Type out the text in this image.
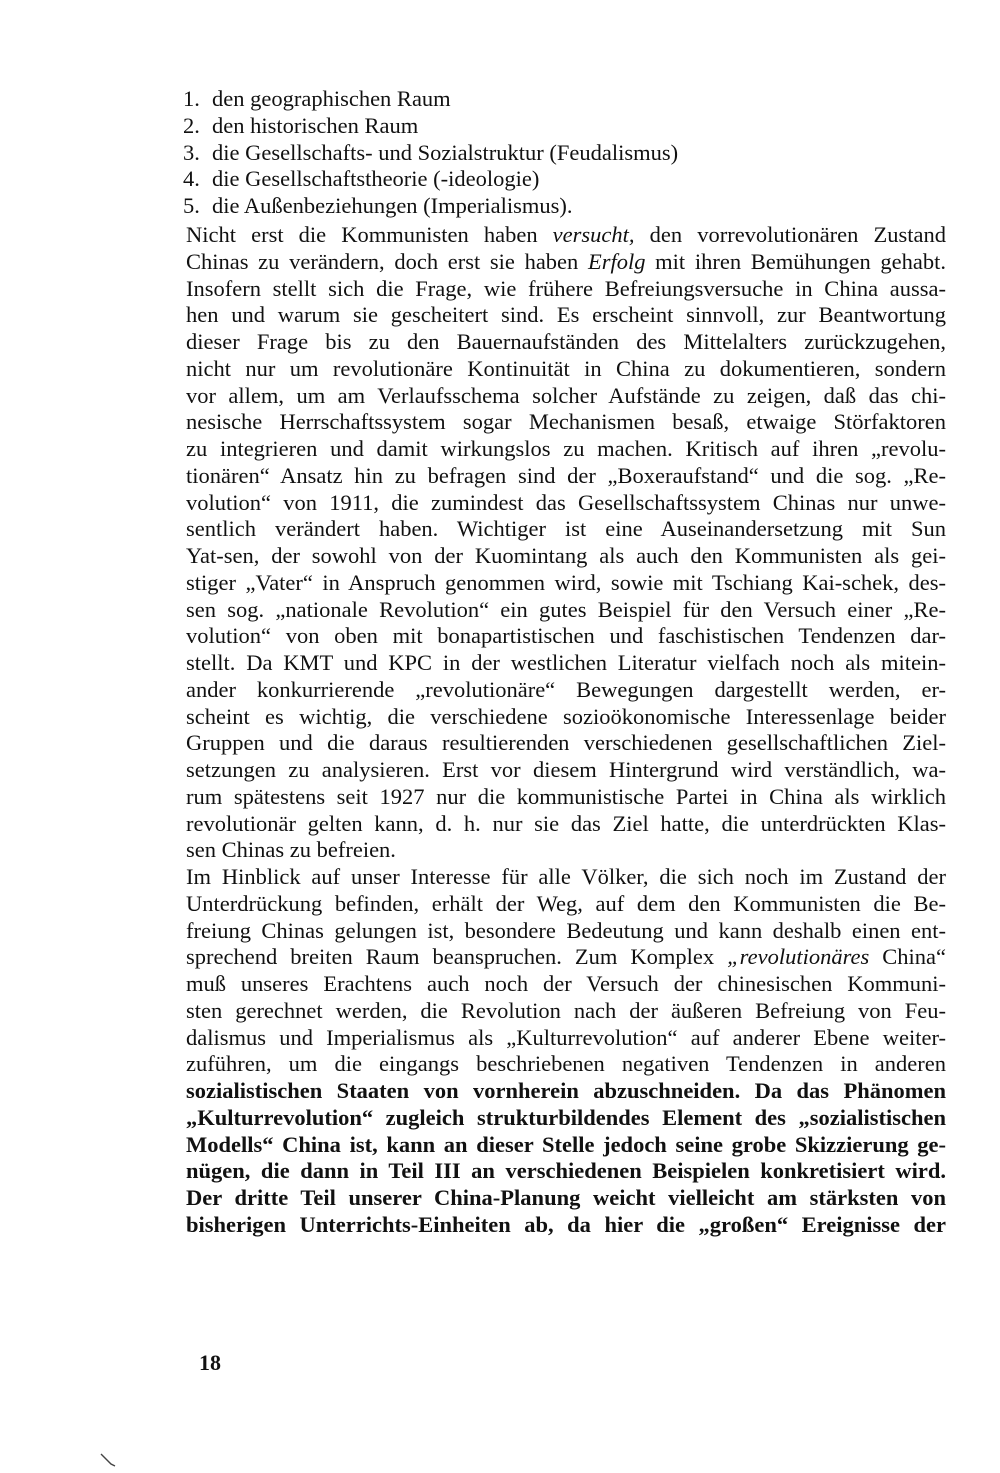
1. den geographischen Raum
2. den historischen Raum
3. die Gesellschafts- und Sozialstruktur (Feudalismus)
4. die Gesellschaftstheorie (-ideologie)
5. die Außenbeziehungen (Imperialismus).
Nicht erst die Kommunisten haben versucht, den vorrevolutionären Zustand
Chinas zu verändern, doch erst sie haben Erfolg mit ihren Bemühungen gehabt.
Insofern stellt sich die Frage, wie frühere Befreiungsversuche in China aussa-
hen und warum sie gescheitert sind. Es erscheint sinnvoll, zur Beantwortung
dieser Frage bis zu den Bauernaufständen des Mittelalters zurückzugehen,
nicht nur um revolutionäre Kontinuität in China zu dokumentieren, sondern
vor allem, um am Verlaufsschema solcher Aufstände zu zeigen, daß das chi-
nesische Herrschaftssystem sogar Mechanismen besaß, etwaige Störfaktoren
zu integrieren und damit wirkungslos zu machen. Kritisch auf ihren „revolu-
tionären“ Ansatz hin zu befragen sind der „Boxeraufstand“ und die sog. „Re-
volution“ von 1911, die zumindest das Gesellschaftssystem Chinas nur unwe-
sentlich verändert haben. Wichtiger ist eine Auseinandersetzung mit Sun
Yat-sen, der sowohl von der Kuomintang als auch den Kommunisten als gei-
stiger „Vater“ in Anspruch genommen wird, sowie mit Tschiang Kai-schek, des-
sen sog. „nationale Revolution“ ein gutes Beispiel für den Versuch einer „Re-
volution“ von oben mit bonapartistischen und faschistischen Tendenzen dar-
stellt. Da KMT und KPC in der westlichen Literatur vielfach noch als mitein-
ander konkurrierende „revolutionäre“ Bewegungen dargestellt werden, er-
scheint es wichtig, die verschiedene sozioökonomische Interessenlage beider
Gruppen und die daraus resultierenden verschiedenen gesellschaftlichen Ziel-
setzungen zu analysieren. Erst vor diesem Hintergrund wird verständlich, wa-
rum spätestens seit 1927 nur die kommunistische Partei in China als wirklich
revolutionär gelten kann, d. h. nur sie das Ziel hatte, die unterdrückten Klas-
sen Chinas zu befreien.
Im Hinblick auf unser Interesse für alle Völker, die sich noch im Zustand der
Unterdrückung befinden, erhält der Weg, auf dem den Kommunisten die Be-
freiung Chinas gelungen ist, besondere Bedeutung und kann deshalb einen ent-
sprechend breiten Raum beanspruchen. Zum Komplex „revolutionäres China“
muß unseres Erachtens auch noch der Versuch der chinesischen Kommuni-
sten gerechnet werden, die Revolution nach der äußeren Befreiung von Feu-
dalismus und Imperialismus als „Kulturrevolution“ auf anderer Ebene weiter-
zuführen, um die eingangs beschriebenen negativen Tendenzen in anderen
sozialistischen Staaten von vornherein abzuschneiden. Da das Phänomen
„Kulturrevolution“ zugleich strukturbildendes Element des „sozialistischen
Modells“ China ist, kann an dieser Stelle jedoch seine grobe Skizzierung ge-
nügen, die dann in Teil III an verschiedenen Beispielen konkretisiert wird.
Der dritte Teil unserer China-Planung weicht vielleicht am stärksten von
bisherigen Unterrichts-Einheiten ab, da hier die „großen“ Ereignisse der
18
